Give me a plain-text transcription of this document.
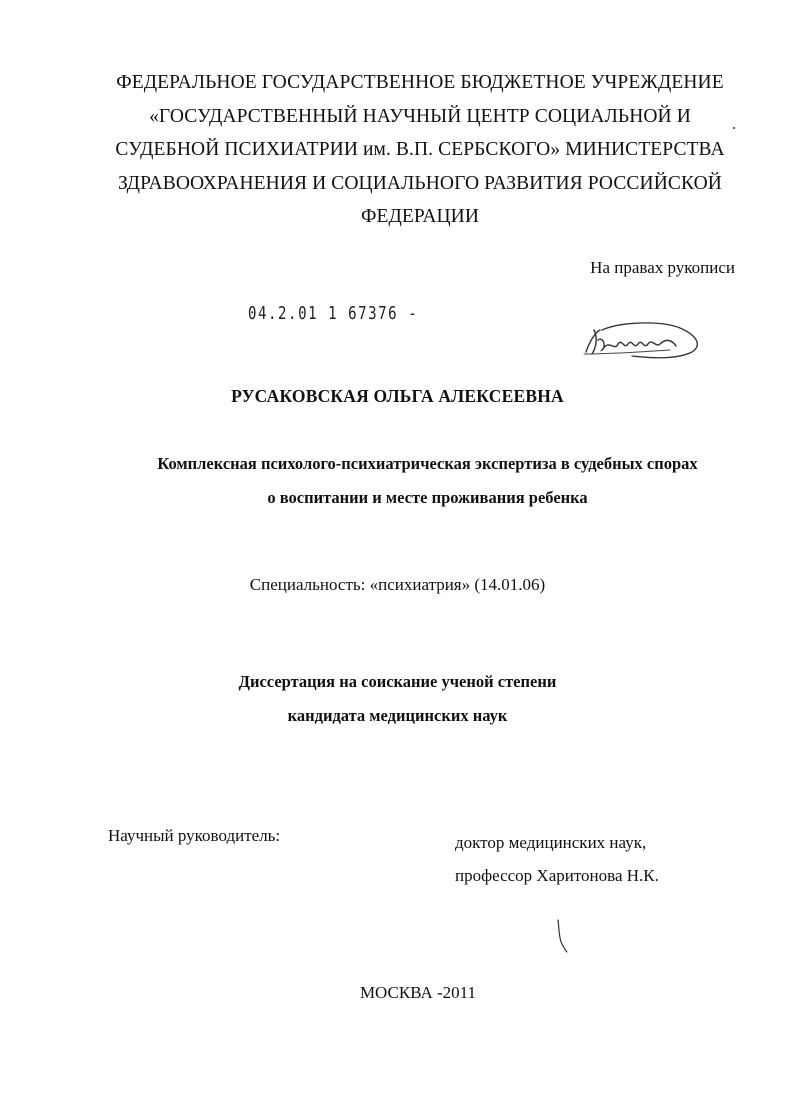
ФЕДЕРАЛЬНОЕ ГОСУДАРСТВЕННОЕ БЮДЖЕТНОЕ УЧРЕЖДЕНИЕ
«ГОСУДАРСТВЕННЫЙ НАУЧНЫЙ ЦЕНТР СОЦИАЛЬНОЙ И
СУДЕБНОЙ ПСИХИАТРИИ им. В.П. СЕРБСКОГО» МИНИСТЕРСТВА
ЗДРАВООХРАНЕНИЯ И СОЦИАЛЬНОГО РАЗВИТИЯ РОССИЙСКОЙ
ФЕДЕРАЦИИ
На правах рукописи
04.2.01 1 67376 -
РУСАКОВСКАЯ ОЛЬГА АЛЕКСЕЕВНА
Комплексная психолого-психиатрическая экспертиза в судебных спорах
о воспитании и месте проживания ребенка
Специальность: «психиатрия» (14.01.06)
Диссертация на соискание ученой степени
кандидата медицинских наук
Научный руководитель:	доктор медицинских наук,
профессор Харитонова Н.К.
МОСКВА -2011
